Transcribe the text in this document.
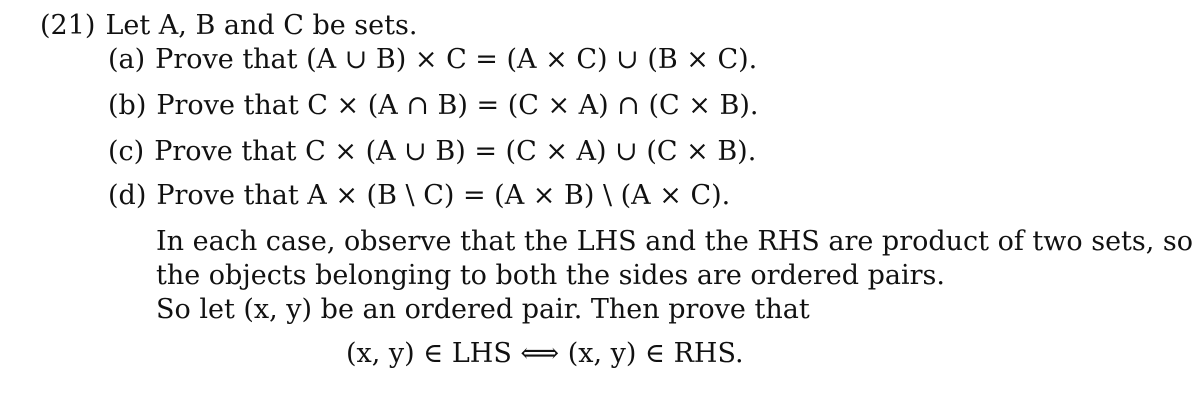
(21) Let A, B and C be sets.
(a) Prove that (A ∪ B) × C = (A × C) ∪ (B × C).
(b) Prove that C × (A ∩ B) = (C × A) ∩ (C × B).
(c) Prove that C × (A ∪ B) = (C × A) ∪ (C × B).
(d) Prove that A × (B \ C) = (A × B) \ (A × C).
In each case, observe that the LHS and the RHS are product of two sets, so
the objects belonging to both the sides are ordered pairs.
So let (x, y) be an ordered pair. Then prove that
(x, y) ∈ LHS ⟺ (x, y) ∈ RHS.
